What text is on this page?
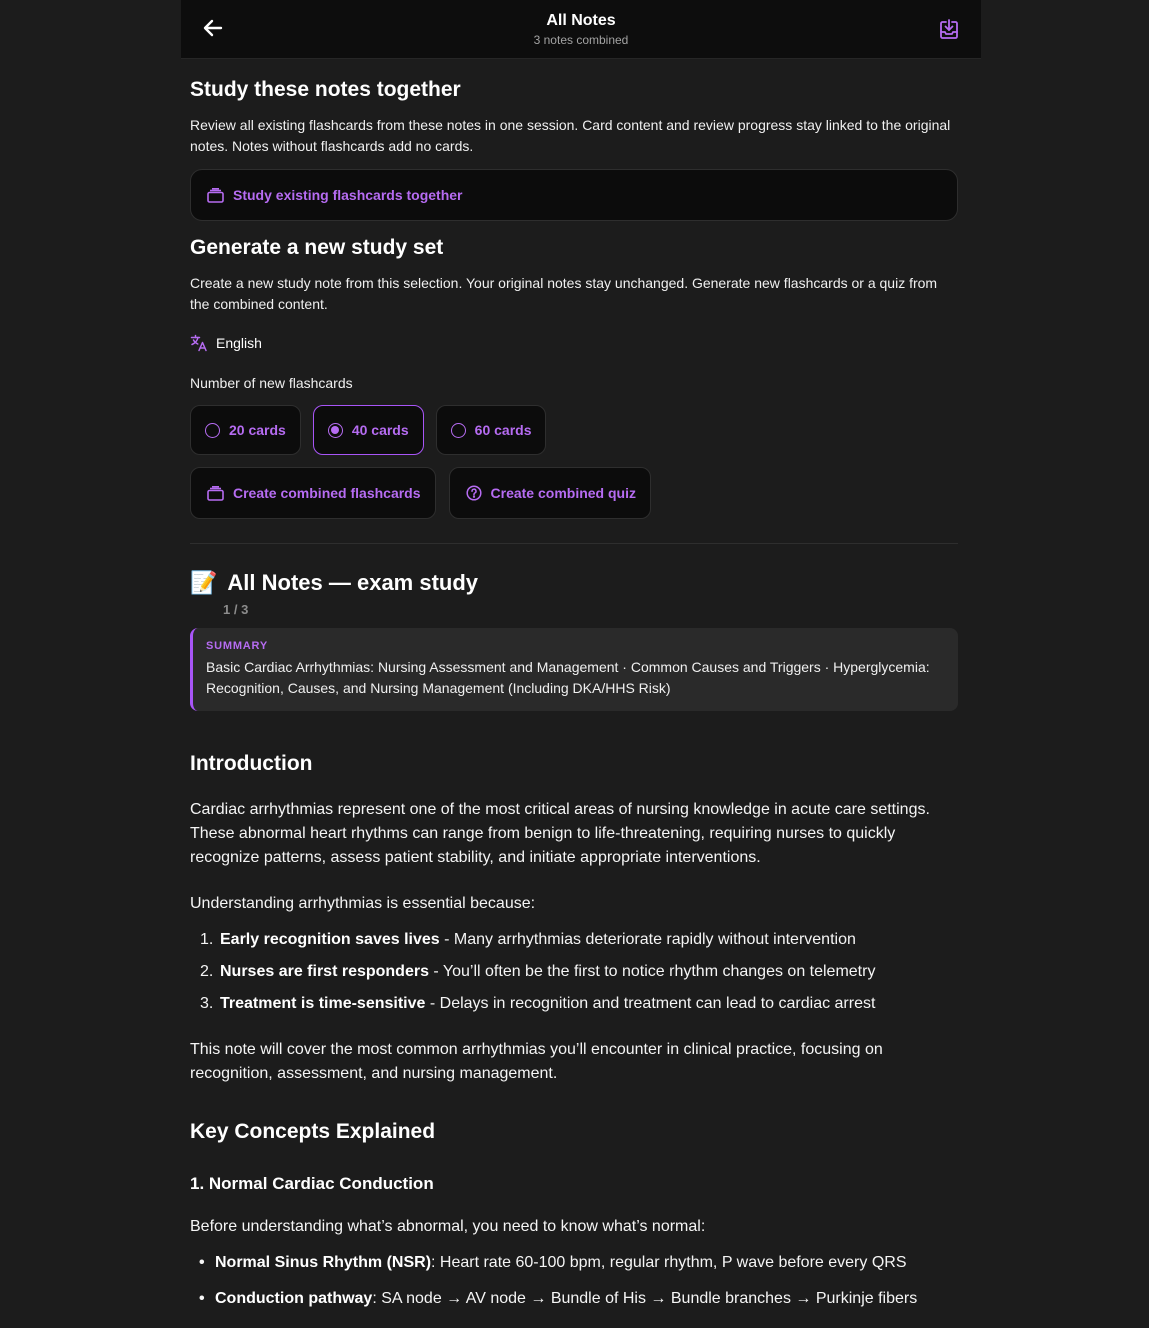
All Notes
3 notes combined
Study these notes together

Review all existing flashcards from these notes in one session. Card content and review progress stay linked to the original notes. Notes without flashcards add no cards.

Study existing flashcards together
Generate a new study set

Create a new study note from this selection. Your original notes stay unchanged. Generate new flashcards or a quiz from the combined content.

English
Number of new flashcards
20 cards	40 cards	60 cards
Create combined flashcards	Create combined quiz
📝 All Notes — exam study
1 / 3
SUMMARY
Basic Cardiac Arrhythmias: Nursing Assessment and Management · Common Causes and Triggers · Hyperglycemia: Recognition, Causes, and Nursing Management (Including DKA/HHS Risk)
Introduction

Cardiac arrhythmias represent one of the most critical areas of nursing knowledge in acute care settings. These abnormal heart rhythms can range from benign to life-threatening, requiring nurses to quickly recognize patterns, assess patient stability, and initiate appropriate interventions.

Understanding arrhythmias is essential because:

1. Early recognition saves lives - Many arrhythmias deteriorate rapidly without intervention
2. Nurses are first responders - You’ll often be the first to notice rhythm changes on telemetry
3. Treatment is time-sensitive - Delays in recognition and treatment can lead to cardiac arrest

This note will cover the most common arrhythmias you’ll encounter in clinical practice, focusing on recognition, assessment, and nursing management.

Key Concepts Explained
1. Normal Cardiac Conduction

Before understanding what’s abnormal, you need to know what’s normal:

• Normal Sinus Rhythm (NSR): Heart rate 60-100 bpm, regular rhythm, P wave before every QRS
• Conduction pathway: SA node → AV node → Bundle of His → Bundle branches → Purkinje fibers
